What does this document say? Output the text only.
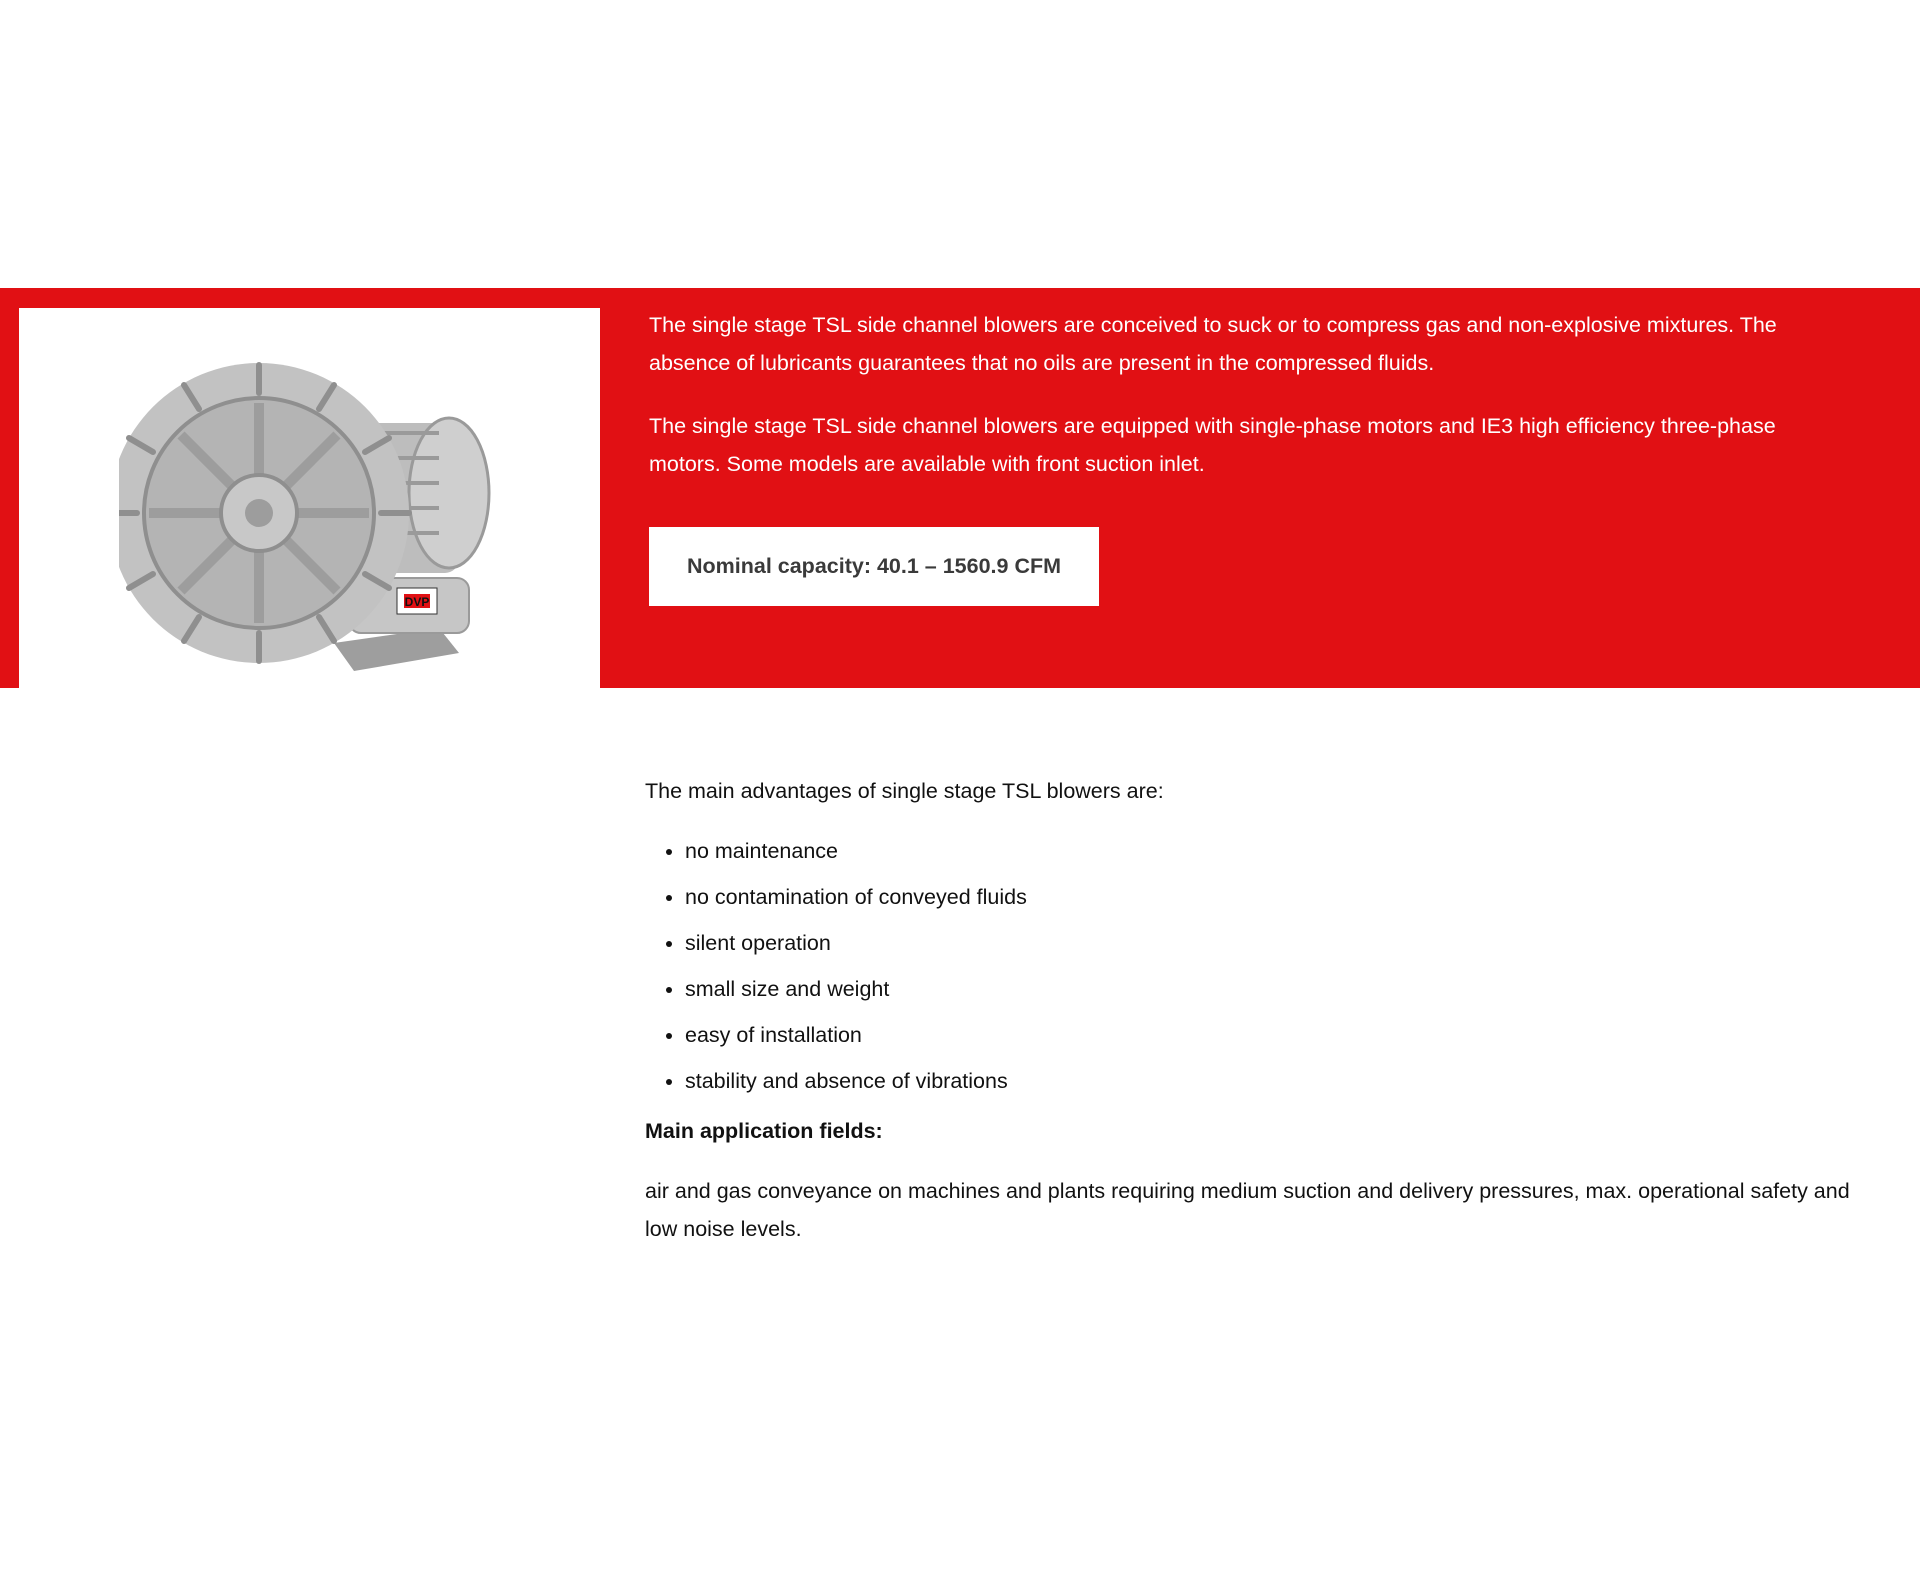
DVP

The single stage TSL side channel blowers are conceived to suck or to compress gas and non-explosive mixtures. The absence of lubricants guarantees that no oils are present in the compressed fluids.

The single stage TSL side channel blowers are equipped with single-phase motors and IE3 high efficiency three-phase motors. Some models are available with front suction inlet.

Nominal capacity: 40.1 – 1560.9 CFM

The main advantages of single stage TSL blowers are:

• no maintenance
• no contamination of conveyed fluids
• silent operation
• small size and weight
• easy of installation
• stability and absence of vibrations

Main application fields:

air and gas conveyance on machines and plants requiring medium suction and delivery pressures, max. operational safety and low noise levels.
